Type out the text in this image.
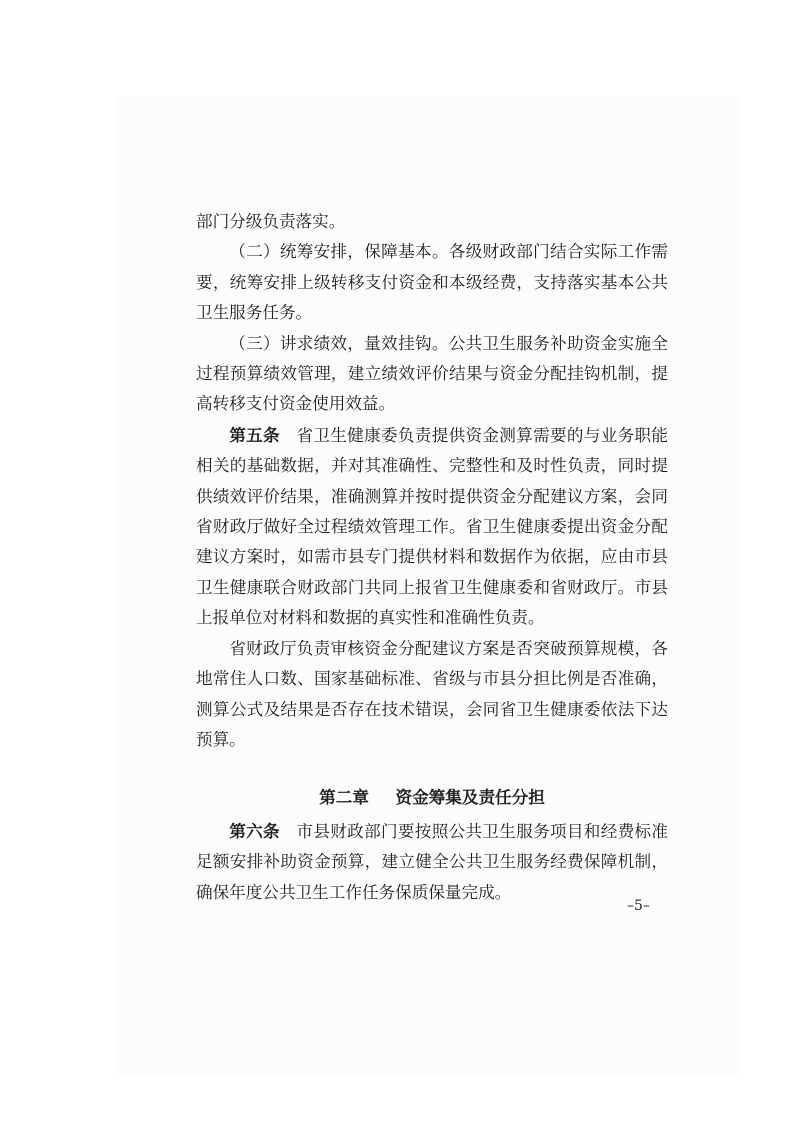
部门分级负责落实。

（二）统筹安排，保障基本。各级财政部门结合实际工作需要，统筹安排上级转移支付资金和本级经费，支持落实基本公共卫生服务任务。

（三）讲求绩效，量效挂钩。公共卫生服务补助资金实施全过程预算绩效管理，建立绩效评价结果与资金分配挂钩机制，提高转移支付资金使用效益。

第五条 省卫生健康委负责提供资金测算需要的与业务职能相关的基础数据，并对其准确性、完整性和及时性负责，同时提供绩效评价结果，准确测算并按时提供资金分配建议方案，会同省财政厅做好全过程绩效管理工作。省卫生健康委提出资金分配建议方案时，如需市县专门提供材料和数据作为依据，应由市县卫生健康联合财政部门共同上报省卫生健康委和省财政厅。市县上报单位对材料和数据的真实性和准确性负责。

省财政厅负责审核资金分配建议方案是否突破预算规模，各地常住人口数、国家基础标准、省级与市县分担比例是否准确，测算公式及结果是否存在技术错误，会同省卫生健康委依法下达预算。

第二章 资金筹集及责任分担

第六条 市县财政部门要按照公共卫生服务项目和经费标准足额安排补助资金预算，建立健全公共卫生服务经费保障机制，确保年度公共卫生工作任务保质保量完成。

–5–
